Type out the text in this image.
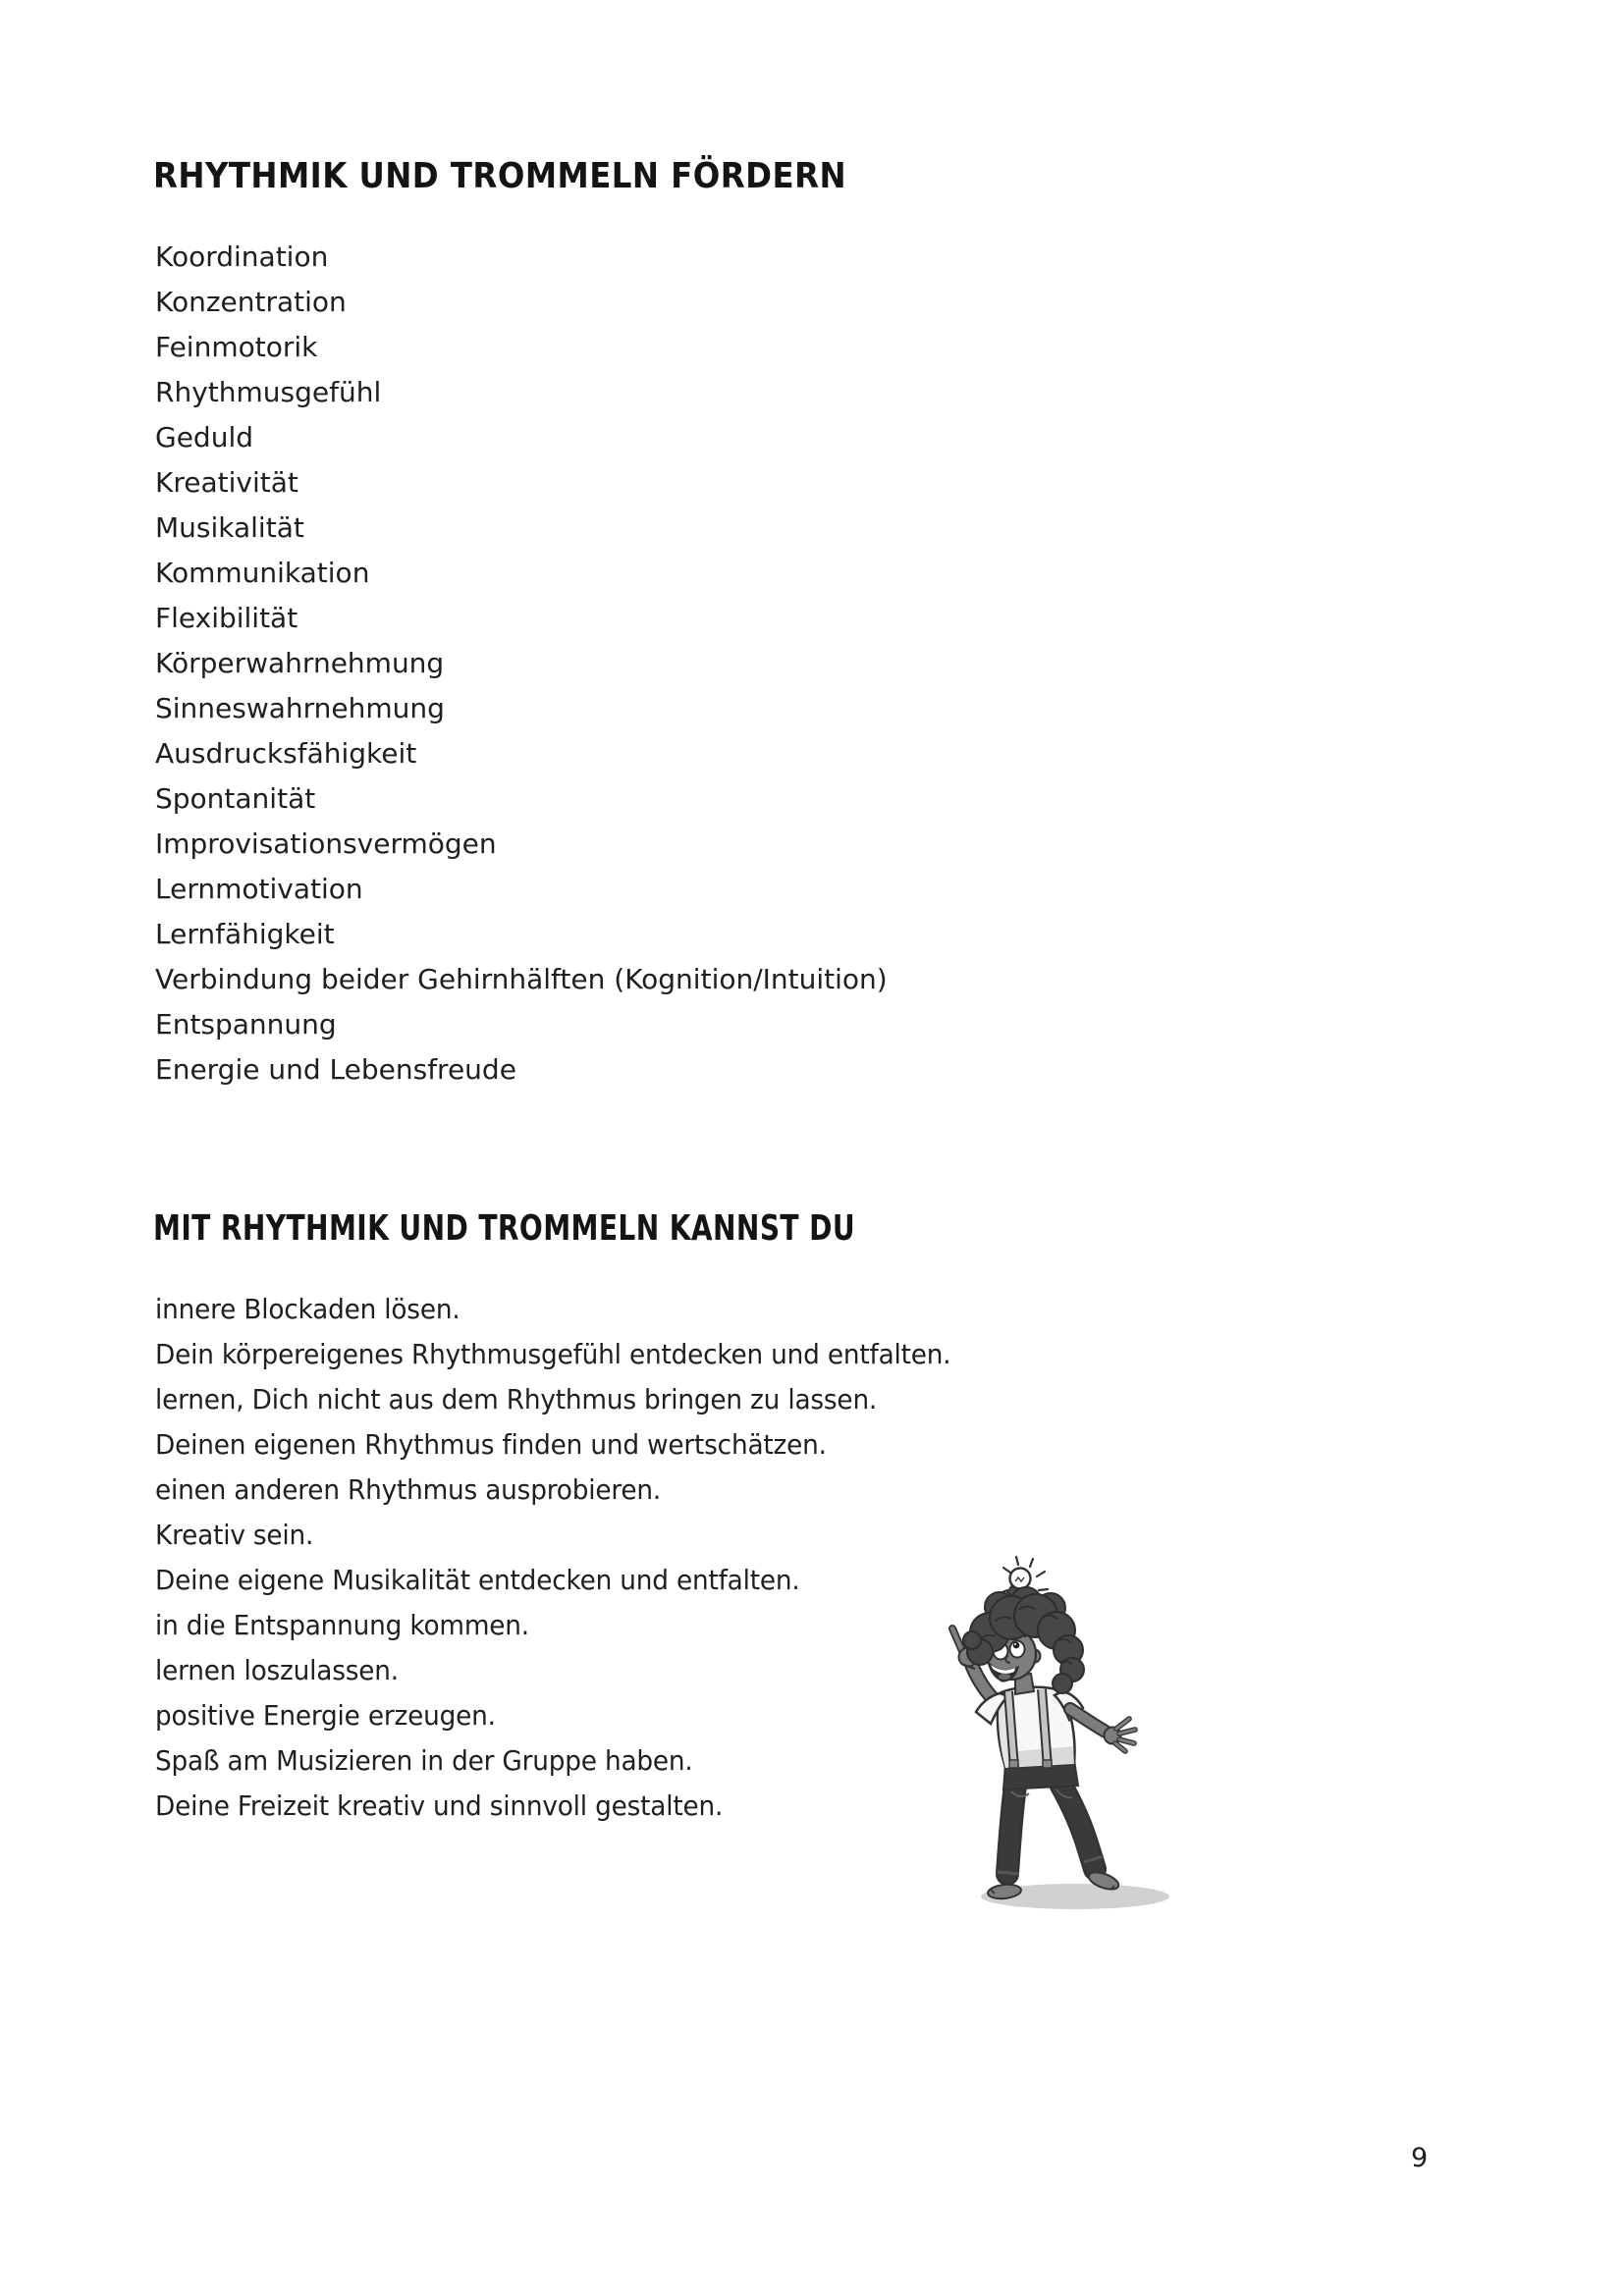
RHYTHMIK UND TROMMELN FÖRDERN
Koordination
Konzentration
Feinmotorik
Rhythmusgefühl
Geduld
Kreativität
Musikalität
Kommunikation
Flexibilität
Körperwahrnehmung
Sinneswahrnehmung
Ausdrucksfähigkeit
Spontanität
Improvisationsvermögen
Lernmotivation
Lernfähigkeit
Verbindung beider Gehirnhälften (Kognition/Intuition)
Entspannung
Energie und Lebensfreude
MIT RHYTHMIK UND TROMMELN KANNST DU
innere Blockaden lösen.
Dein körpereigenes Rhythmusgefühl entdecken und entfalten.
lernen, Dich nicht aus dem Rhythmus bringen zu lassen.
Deinen eigenen Rhythmus finden und wertschätzen.
einen anderen Rhythmus ausprobieren.
Kreativ sein.
Deine eigene Musikalität entdecken und entfalten.
in die Entspannung kommen.
lernen loszulassen.
positive Energie erzeugen.
Spaß am Musizieren in der Gruppe haben.
Deine Freizeit kreativ und sinnvoll gestalten.
9
